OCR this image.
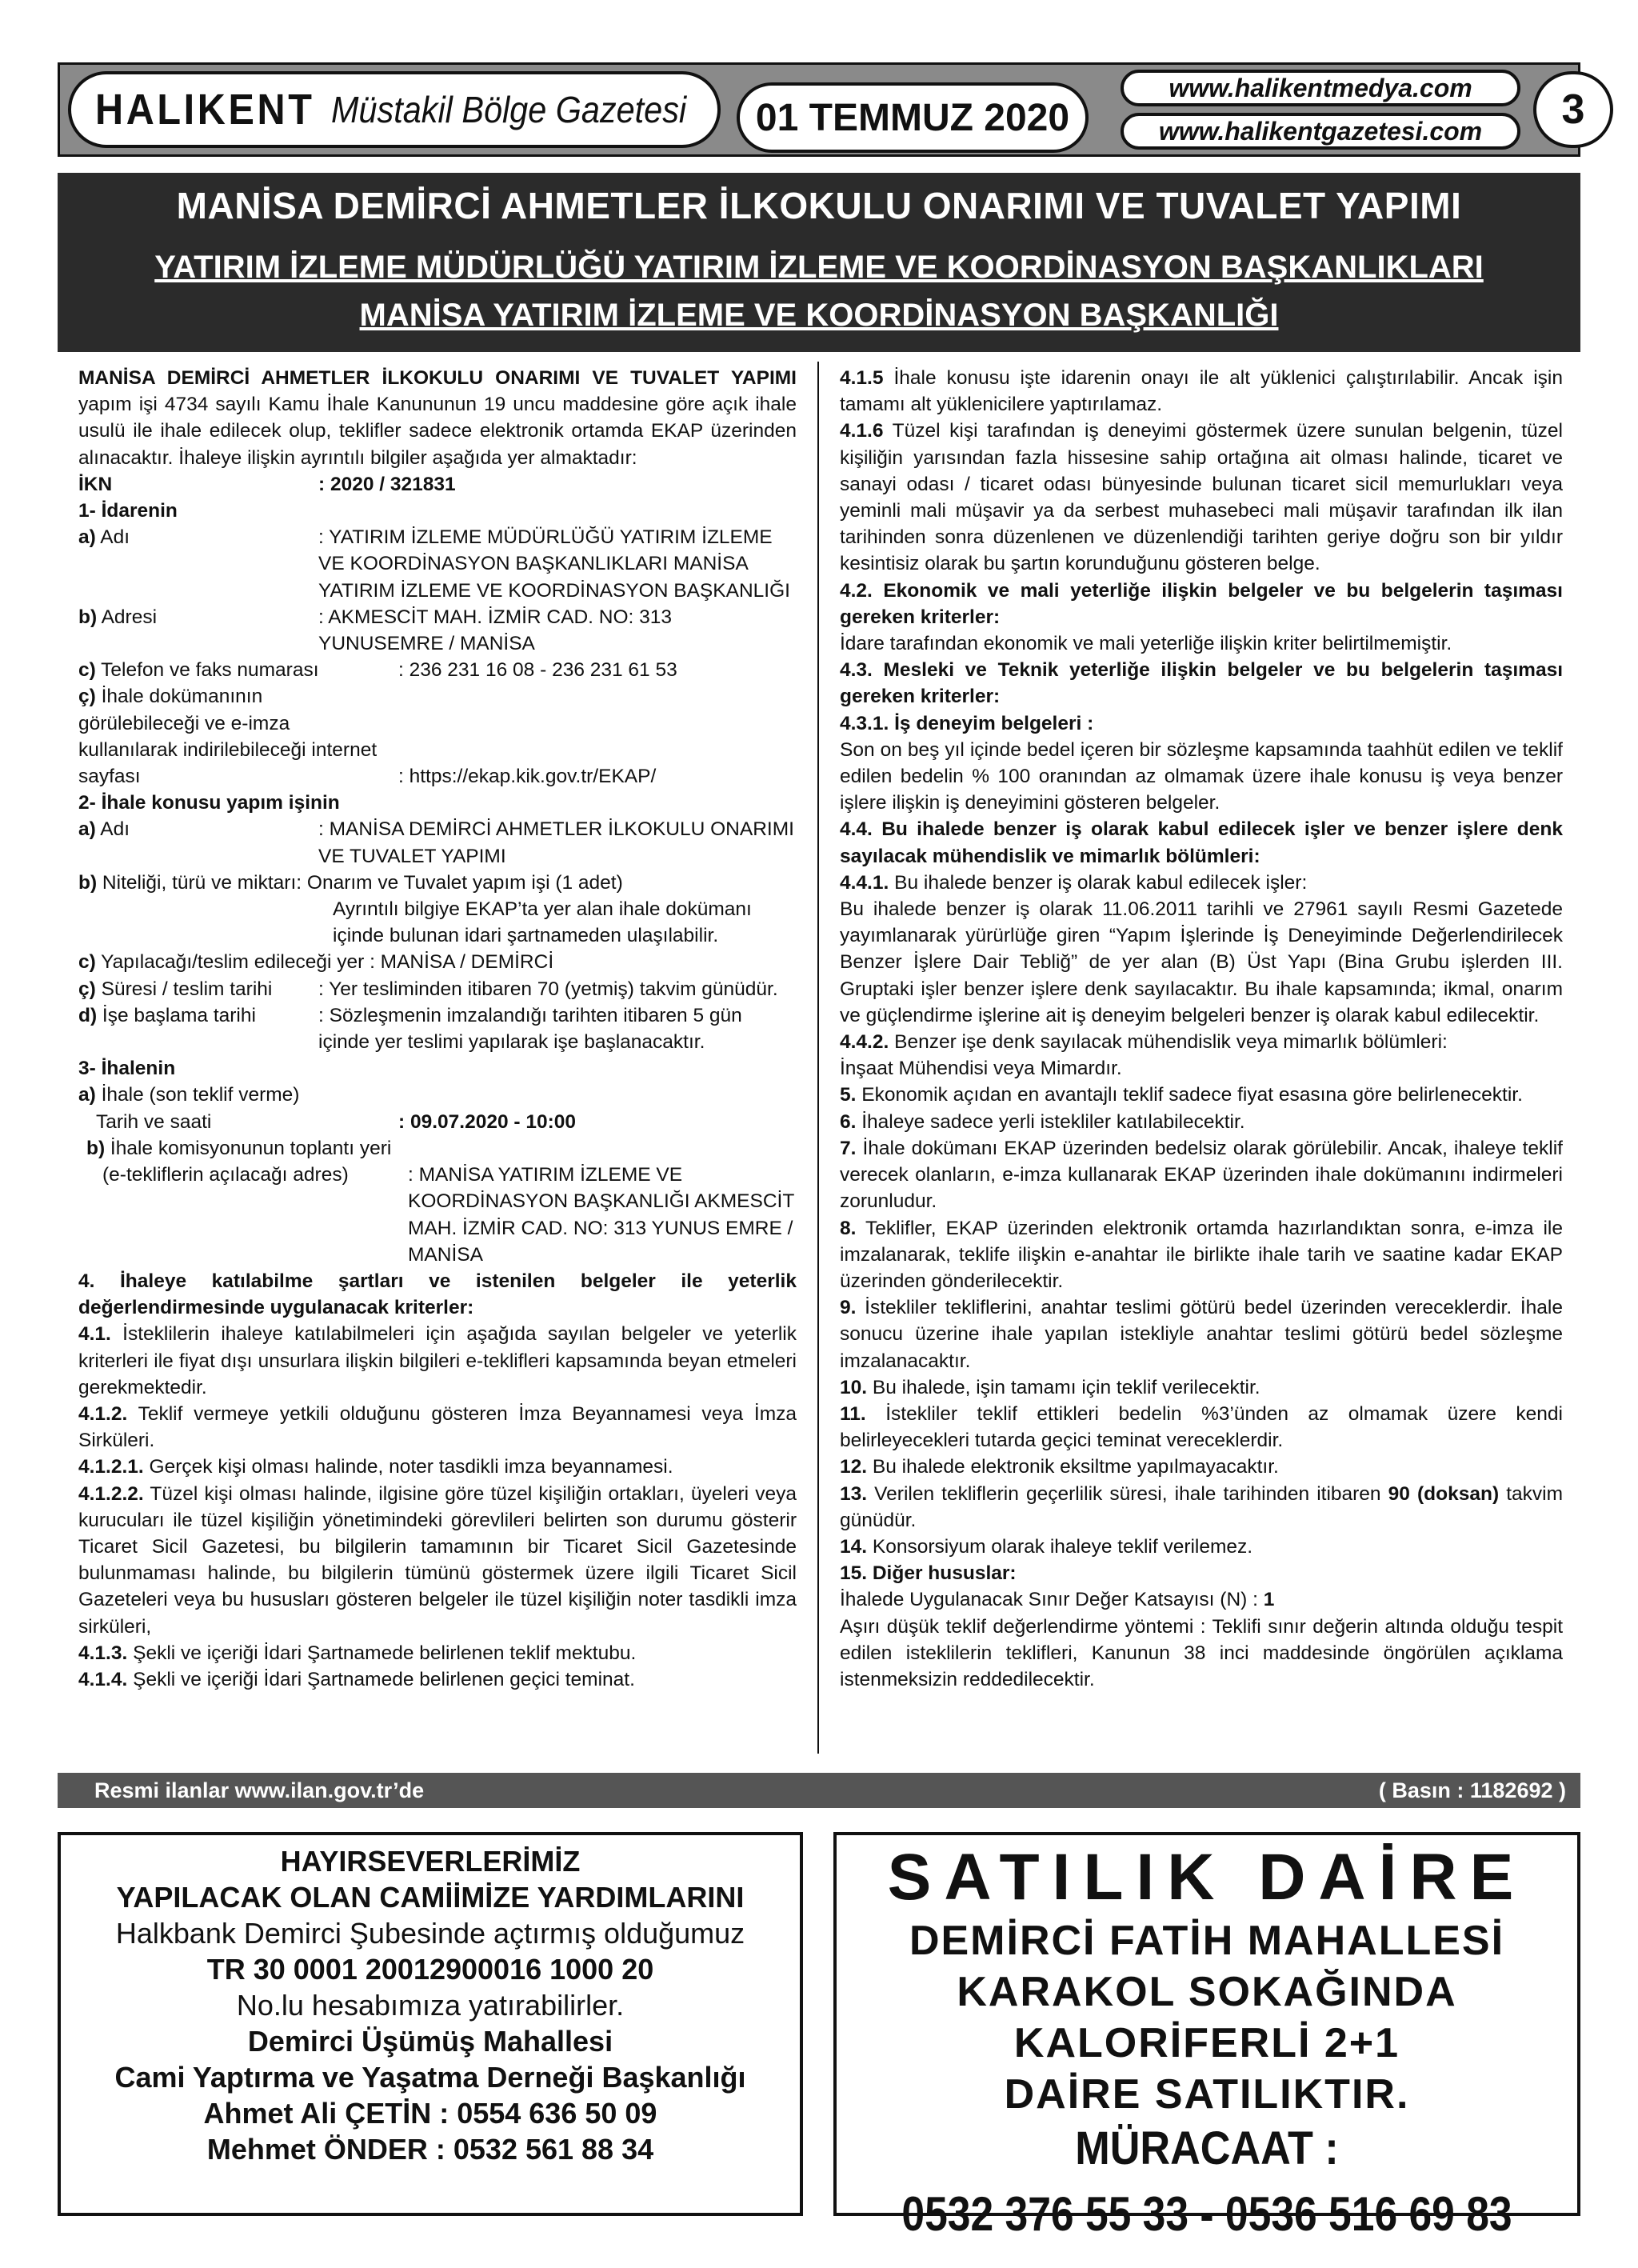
HALIKENT Müstakil Bölge Gazetesi	01 TEMMUZ 2020
www.halikentmedya.com
www.halikentgazetesi.com	3
MANİSA DEMİRCİ AHMETLER İLKOKULU ONARIMI VE TUVALET YAPIMI
YATIRIM İZLEME MÜDÜRLÜĞÜ YATIRIM İZLEME VE KOORDİNASYON BAŞKANLIKLARI
MANİSA YATIRIM İZLEME VE KOORDİNASYON BAŞKANLIĞI

MANİSA DEMİRCİ AHMETLER İLKOKULU ONARIMI VE TUVALET YAPIMI yapım işi 4734 sayılı Kamu İhale Kanununun 19 uncu maddesine göre açık ihale usulü ile ihale edilecek olup, teklifler sadece elektronik ortamda EKAP üzerinden alınacaktır. İhaleye ilişkin ayrıntılı bilgiler aşağıda yer almaktadır:

İKN	: 2020 / 321831
1- İdarenin
a) Adı	: YATIRIM İZLEME MÜDÜRLÜĞÜ YATIRIM İZLEME VE KOORDİNASYON BAŞKANLIKLARI MANİSA YATIRIM İZLEME VE KOORDİNASYON BAŞKANLIĞI
b) Adresi	: AKMESCİT MAH. İZMİR CAD. NO: 313 YUNUSEMRE / MANİSA
c) Telefon ve faks numarası	: 236 231 16 08 - 236 231 61 53
ç) İhale dokümanının görülebileceği ve e-imza kullanılarak indirilebileceği internet sayfası	: https://ekap.kik.gov.tr/EKAP/
2- İhale konusu yapım işinin
a) Adı	: MANİSA DEMİRCİ AHMETLER İLKOKULU ONARIMI VE TUVALET YAPIMI
b) Niteliği, türü ve miktarı: Onarım ve Tuvalet yapım işi (1 adet)
Ayrıntılı bilgiye EKAP’ta yer alan ihale dokümanı içinde bulunan idari şartnameden ulaşılabilir.
c) Yapılacağı/teslim edileceği yer : MANİSA / DEMİRCİ
ç) Süresi / teslim tarihi	: Yer tesliminden itibaren 70 (yetmiş) takvim günüdür.
d) İşe başlama tarihi	: Sözleşmenin imzalandığı tarihten itibaren 5 gün içinde yer teslimi yapılarak işe başlanacaktır.
3- İhalenin
a) İhale (son teklif verme)
Tarih ve saati	: 09.07.2020 - 10:00
b) İhale komisyonunun toplantı yeri
(e-tekliflerin açılacağı adres)	: MANİSA YATIRIM İZLEME VE KOORDİNASYON BAŞKANLIĞI AKMESCİT MAH. İZMİR CAD. NO: 313 YUNUS EMRE / MANİSA

4. İhaleye katılabilme şartları ve istenilen belgeler ile yeterlik değerlendirmesinde uygulanacak kriterler:

4.1. İsteklilerin ihaleye katılabilmeleri için aşağıda sayılan belgeler ve yeterlik kriterleri ile fiyat dışı unsurlara ilişkin bilgileri e-teklifleri kapsamında beyan etmeleri gerekmektedir.

4.1.2. Teklif vermeye yetkili olduğunu gösteren İmza Beyannamesi veya İmza Sirküleri.

4.1.2.1. Gerçek kişi olması halinde, noter tasdikli imza beyannamesi.

4.1.2.2. Tüzel kişi olması halinde, ilgisine göre tüzel kişiliğin ortakları, üyeleri veya kurucuları ile tüzel kişiliğin yönetimindeki görevlileri belirten son durumu gösterir Ticaret Sicil Gazetesi, bu bilgilerin tamamının bir Ticaret Sicil Gazetesinde bulunmaması halinde, bu bilgilerin tümünü göstermek üzere ilgili Ticaret Sicil Gazeteleri veya bu hususları gösteren belgeler ile tüzel kişiliğin noter tasdikli imza sirküleri,

4.1.3. Şekli ve içeriği İdari Şartnamede belirlenen teklif mektubu.

4.1.4. Şekli ve içeriği İdari Şartnamede belirlenen geçici teminat.

4.1.5 İhale konusu işte idarenin onayı ile alt yüklenici çalıştırılabilir. Ancak işin tamamı alt yüklenicilere yaptırılamaz.

4.1.6 Tüzel kişi tarafından iş deneyimi göstermek üzere sunulan belgenin, tüzel kişiliğin yarısından fazla hissesine sahip ortağına ait olması halinde, ticaret ve sanayi odası / ticaret odası bünyesinde bulunan ticaret sicil memurlukları veya yeminli mali müşavir ya da serbest muhasebeci mali müşavir tarafından ilk ilan tarihinden sonra düzenlenen ve düzenlendiği tarihten geriye doğru son bir yıldır kesintisiz olarak bu şartın korunduğunu gösteren belge.

4.2. Ekonomik ve mali yeterliğe ilişkin belgeler ve bu belgelerin taşıması gereken kriterler:

İdare tarafından ekonomik ve mali yeterliğe ilişkin kriter belirtilmemiştir.

4.3. Mesleki ve Teknik yeterliğe ilişkin belgeler ve bu belgelerin taşıması gereken kriterler:

4.3.1. İş deneyim belgeleri :

Son on beş yıl içinde bedel içeren bir sözleşme kapsamında taahhüt edilen ve teklif edilen bedelin % 100 oranından az olmamak üzere ihale konusu iş veya benzer işlere ilişkin iş deneyimini gösteren belgeler.

4.4. Bu ihalede benzer iş olarak kabul edilecek işler ve benzer işlere denk sayılacak mühendislik ve mimarlık bölümleri:

4.4.1. Bu ihalede benzer iş olarak kabul edilecek işler:

Bu ihalede benzer iş olarak 11.06.2011 tarihli ve 27961 sayılı Resmi Gazetede yayımlanarak yürürlüğe giren “Yapım İşlerinde İş Deneyiminde Değerlendirilecek Benzer İşlere Dair Tebliğ” de yer alan (B) Üst Yapı (Bina Grubu işlerden III. Gruptaki işler benzer işlere denk sayılacaktır. Bu ihale kapsamında; ikmal, onarım ve güçlendirme işlerine ait iş deneyim belgeleri benzer iş olarak kabul edilecektir.

4.4.2. Benzer işe denk sayılacak mühendislik veya mimarlık bölümleri:

İnşaat Mühendisi veya Mimardır.

5. Ekonomik açıdan en avantajlı teklif sadece fiyat esasına göre belirlenecektir.

6. İhaleye sadece yerli istekliler katılabilecektir.

7. İhale dokümanı EKAP üzerinden bedelsiz olarak görülebilir. Ancak, ihaleye teklif verecek olanların, e-imza kullanarak EKAP üzerinden ihale dokümanını indirmeleri zorunludur.

8. Teklifler, EKAP üzerinden elektronik ortamda hazırlandıktan sonra, e-imza ile imzalanarak, teklife ilişkin e-anahtar ile birlikte ihale tarih ve saatine kadar EKAP üzerinden gönderilecektir.

9. İstekliler tekliflerini, anahtar teslimi götürü bedel üzerinden vereceklerdir. İhale sonucu üzerine ihale yapılan istekliyle anahtar teslimi götürü bedel sözleşme imzalanacaktır.

10. Bu ihalede, işin tamamı için teklif verilecektir.

11. İstekliler teklif ettikleri bedelin %3’ünden az olmamak üzere kendi belirleyecekleri tutarda geçici teminat vereceklerdir.

12. Bu ihalede elektronik eksiltme yapılmayacaktır.

13. Verilen tekliflerin geçerlilik süresi, ihale tarihinden itibaren 90 (doksan) takvim günüdür.

14. Konsorsiyum olarak ihaleye teklif verilemez.

15. Diğer hususlar:

İhalede Uygulanacak Sınır Değer Katsayısı (N) : 1

Aşırı düşük teklif değerlendirme yöntemi : Teklifi sınır değerin altında olduğu tespit edilen isteklilerin teklifleri, Kanunun 38 inci maddesinde öngörülen açıklama istenmeksizin reddedilecektir.

Resmi ilanlar www.ilan.gov.tr’de	( Basın : 1182692 )
HAYIRSEVERLERİMİZ
YAPILACAK OLAN CAMİİMİZE YARDIMLARINI
Halkbank Demirci Şubesinde açtırmış olduğumuz
TR 30 0001 20012900016 1000 20
No.lu hesabımıza yatırabilirler.
Demirci Üşümüş Mahallesi
Cami Yaptırma ve Yaşatma Derneği Başkanlığı
Ahmet Ali ÇETİN : 0554 636 50 09
Mehmet ÖNDER : 0532 561 88 34
SATILIK DAİRE
DEMİRCİ FATİH MAHALLESİ
KARAKOL SOKAĞINDA
KALORİFERLİ 2+1
DAİRE SATILIKTIR.
MÜRACAAT :
0532 376 55 33 - 0536 516 69 83
